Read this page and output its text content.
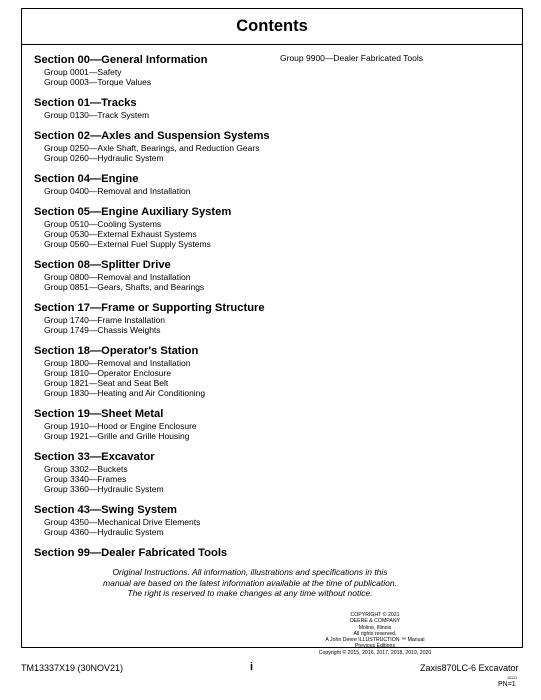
Contents
Section 00—General Information
Group 0001—Safety
Group 0003—Torque Values
Section 01—Tracks
Group 0130—Track System
Section 02—Axles and Suspension Systems
Group 0250—Axle Shaft, Bearings, and Reduction Gears
Group 0260—Hydraulic System
Section 04—Engine
Group 0400—Removal and Installation
Section 05—Engine Auxiliary System
Group 0510—Cooling Systems
Group 0530—External Exhaust Systems
Group 0560—External Fuel Supply Systems
Section 08—Splitter Drive
Group 0800—Removal and Installation
Group 0851—Gears, Shafts, and Bearings
Section 17—Frame or Supporting Structure
Group 1740—Frame Installation
Group 1749—Chassis Weights
Section 18—Operator's Station
Group 1800—Removal and Installation
Group 1810—Operator Enclosure
Group 1821—Seat and Seat Belt
Group 1830—Heating and Air Conditioning
Section 19—Sheet Metal
Group 1910—Hood or Engine Enclosure
Group 1921—Grille and Grille Housing
Section 33—Excavator
Group 3302—Buckets
Group 3340—Frames
Group 3360—Hydraulic System
Section 43—Swing System
Group 4350—Mechanical Drive Elements
Group 4360—Hydraulic System
Section 99—Dealer Fabricated Tools
Group 9900—Dealer Fabricated Tools
Original Instructions. All information, illustrations and specifications in this
manual are based on the latest information available at the time of publication.
The right is reserved to make changes at any time without notice.
COPYRIGHT © 2021
DEERE & COMPANY
Moline, Illinois
All rights reserved.
A John Deere ILLUSTRUCTION ™ Manual
Previous Editions
Copyright © 2015, 2016, 2017, 2018, 2019, 2020
TM13337X19 (30NOV21)	i	Zaxis870LC-6 Excavator
11121
PN=1
